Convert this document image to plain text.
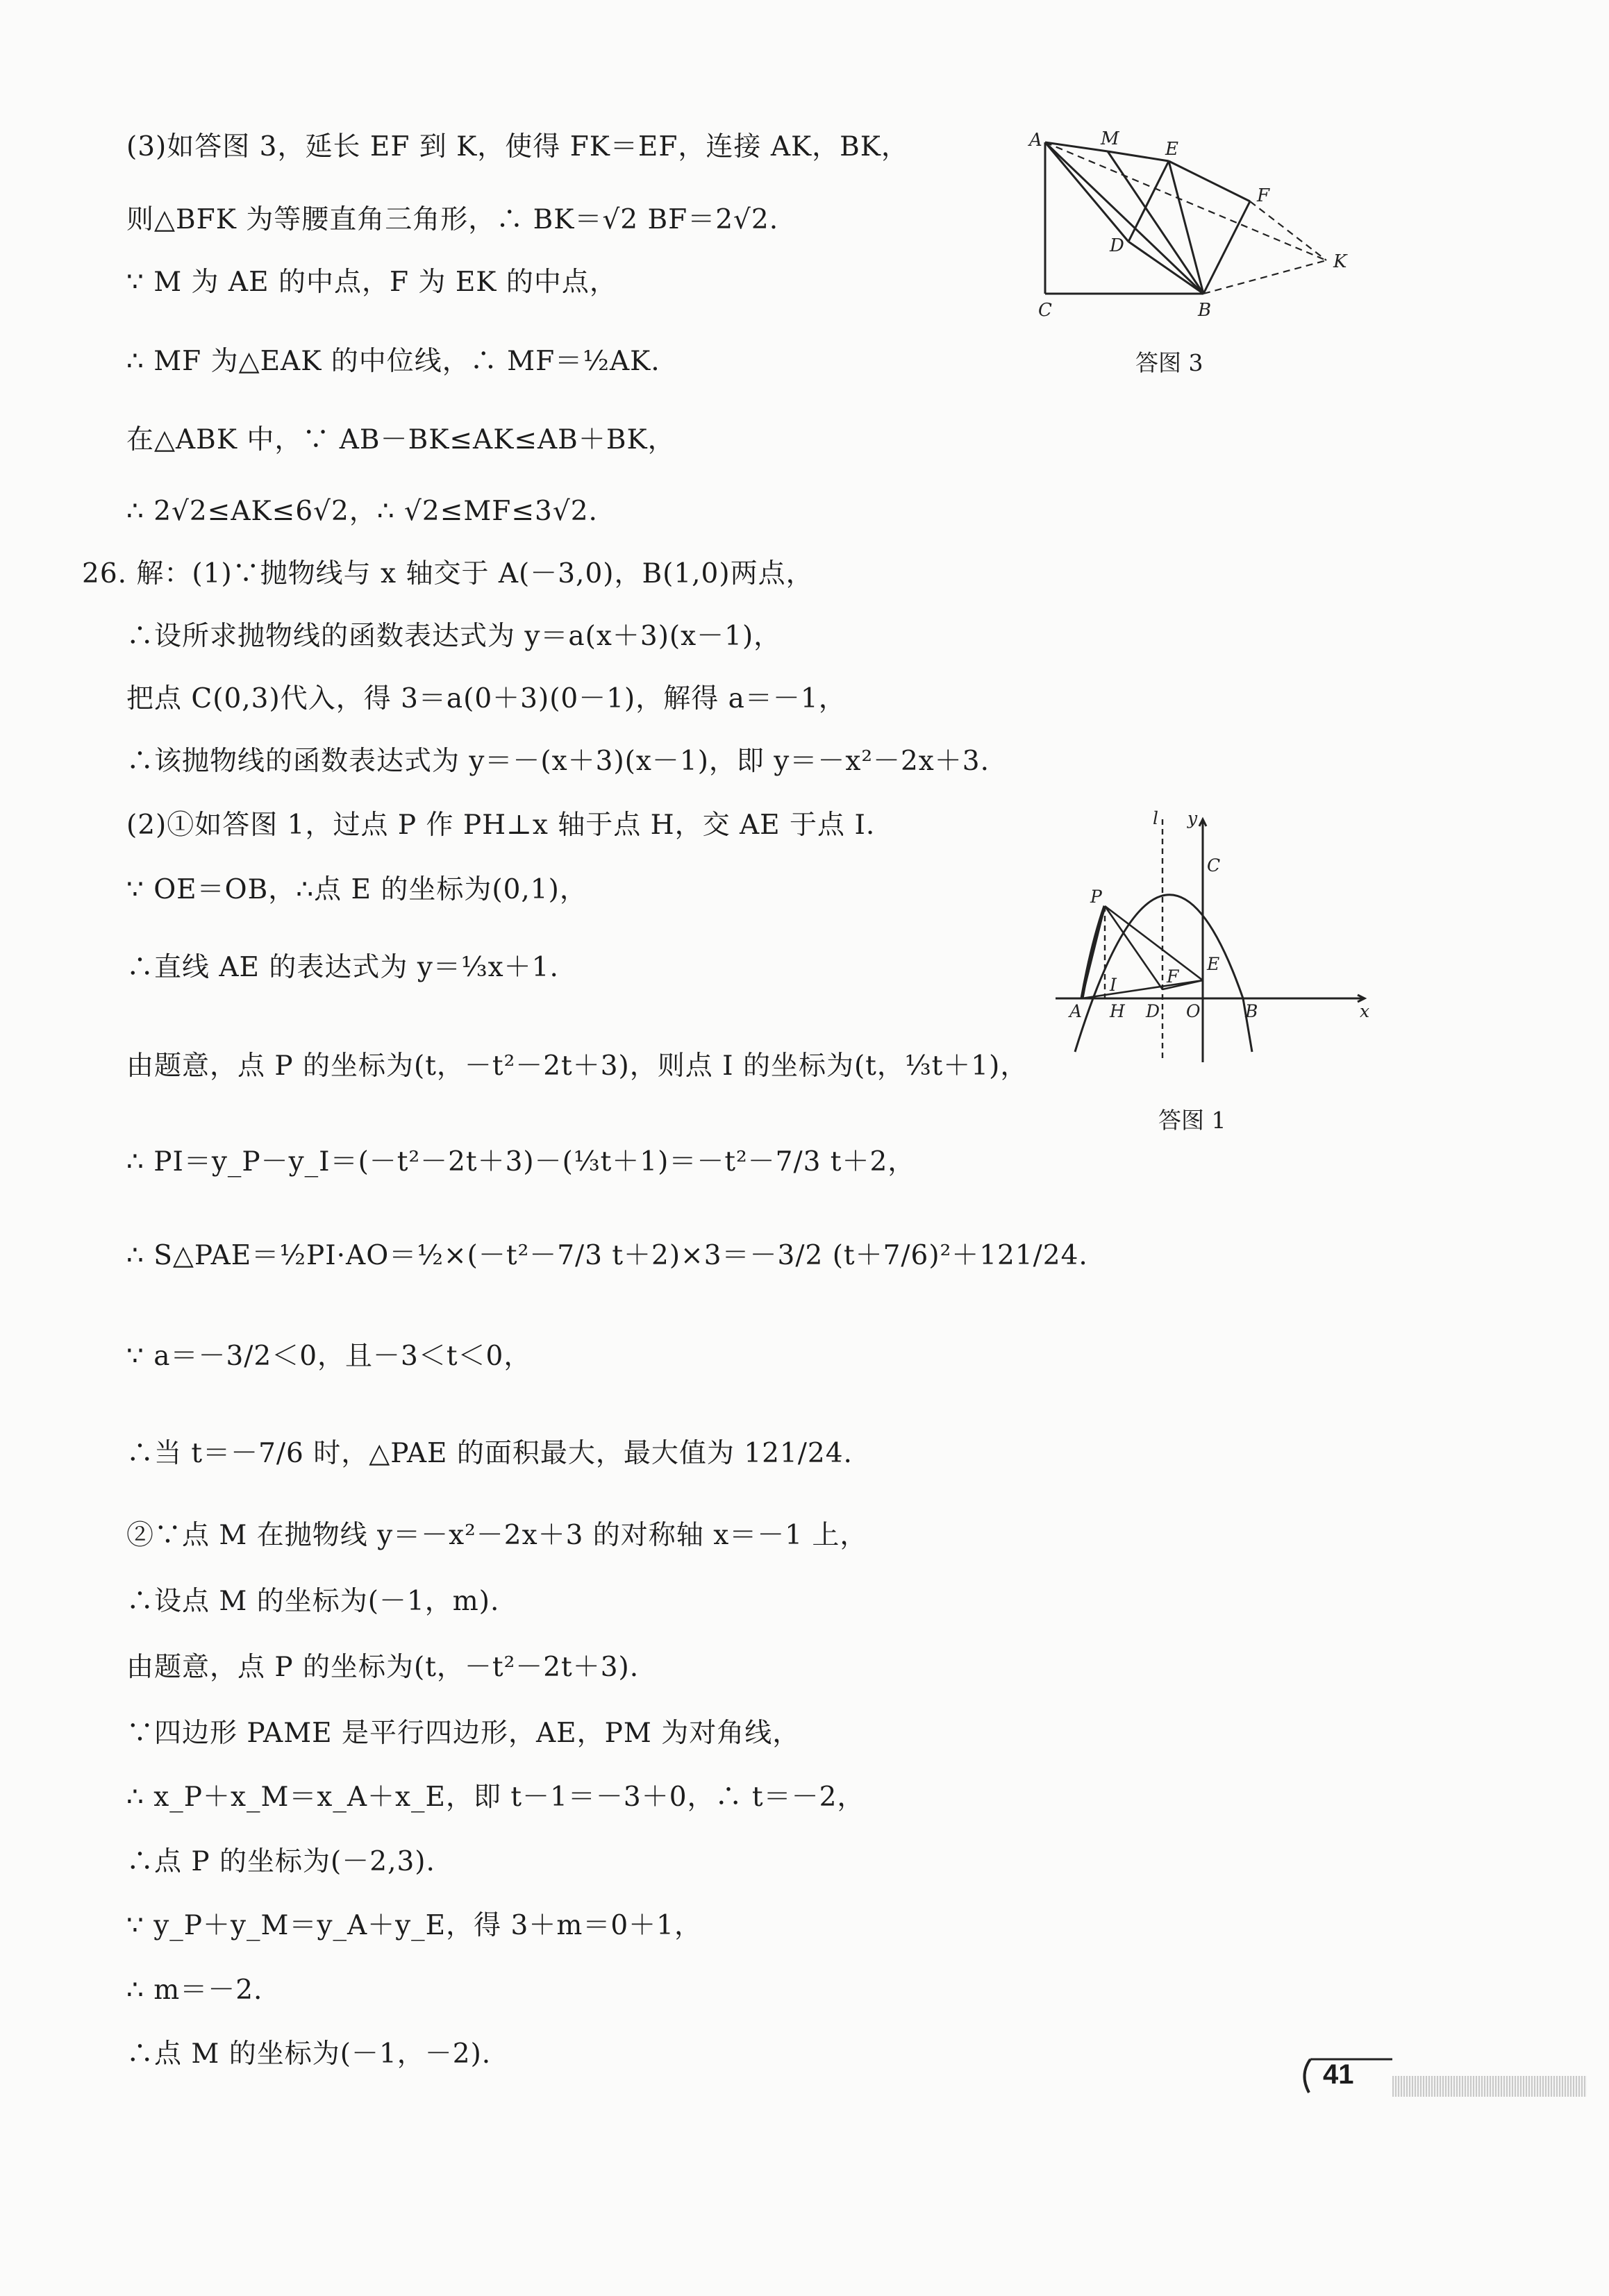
(3)如答图 3，延长 EF 到 K，使得 FK＝EF，连接 AK，BK，
则△BFK 为等腰直角三角形，∴ BK＝√2 BF＝2√2.
∵ M 为 AE 的中点，F 为 EK 的中点，
∴ MF 为△EAK 的中位线，∴ MF＝½AK.
在△ABK 中，∵ AB－BK≤AK≤AB＋BK，
∴ 2√2≤AK≤6√2，∴ √2≤MF≤3√2.
26. 解：(1)∵抛物线与 x 轴交于 A(－3,0)，B(1,0)两点，
∴设所求抛物线的函数表达式为 y＝a(x＋3)(x－1)，
把点 C(0,3)代入，得 3＝a(0＋3)(0－1)，解得 a＝－1，
∴该抛物线的函数表达式为 y＝－(x＋3)(x－1)，即 y＝－x²－2x＋3.
(2)①如答图 1，过点 P 作 PH⊥x 轴于点 H，交 AE 于点 I.
∵ OE＝OB，∴点 E 的坐标为(0,1)，
∴直线 AE 的表达式为 y＝⅓x＋1.
由题意，点 P 的坐标为(t，－t²－2t＋3)，则点 I 的坐标为(t，⅓t＋1)，
∴ PI＝y_P－y_I＝(－t²－2t＋3)－(⅓t＋1)＝－t²－7/3 t＋2，
∴ S△PAE＝½PI·AO＝½×(－t²－7/3 t＋2)×3＝－3/2 (t＋7/6)²＋121/24.
∵ a＝－3/2＜0，且－3＜t＜0，
∴当 t＝－7/6 时，△PAE 的面积最大，最大值为 121/24.
②∵点 M 在抛物线 y＝－x²－2x＋3 的对称轴 x＝－1 上，
∴设点 M 的坐标为(－1，m).
由题意，点 P 的坐标为(t，－t²－2t＋3).
∵四边形 PAME 是平行四边形，AE，PM 为对角线，
∴ x_P＋x_M＝x_A＋x_E，即 t－1＝－3＋0，∴ t＝－2，
∴点 P 的坐标为(－2,3).
∵ y_P＋y_M＝y_A＋y_E，得 3＋m＝0＋1，
∴ m＝－2.
∴点 M 的坐标为(－1，－2).
A	M	E
F
D
K
C	B
答图 3
l y
C
P
E
I	F
A H D O	B	x
答图 1
41
